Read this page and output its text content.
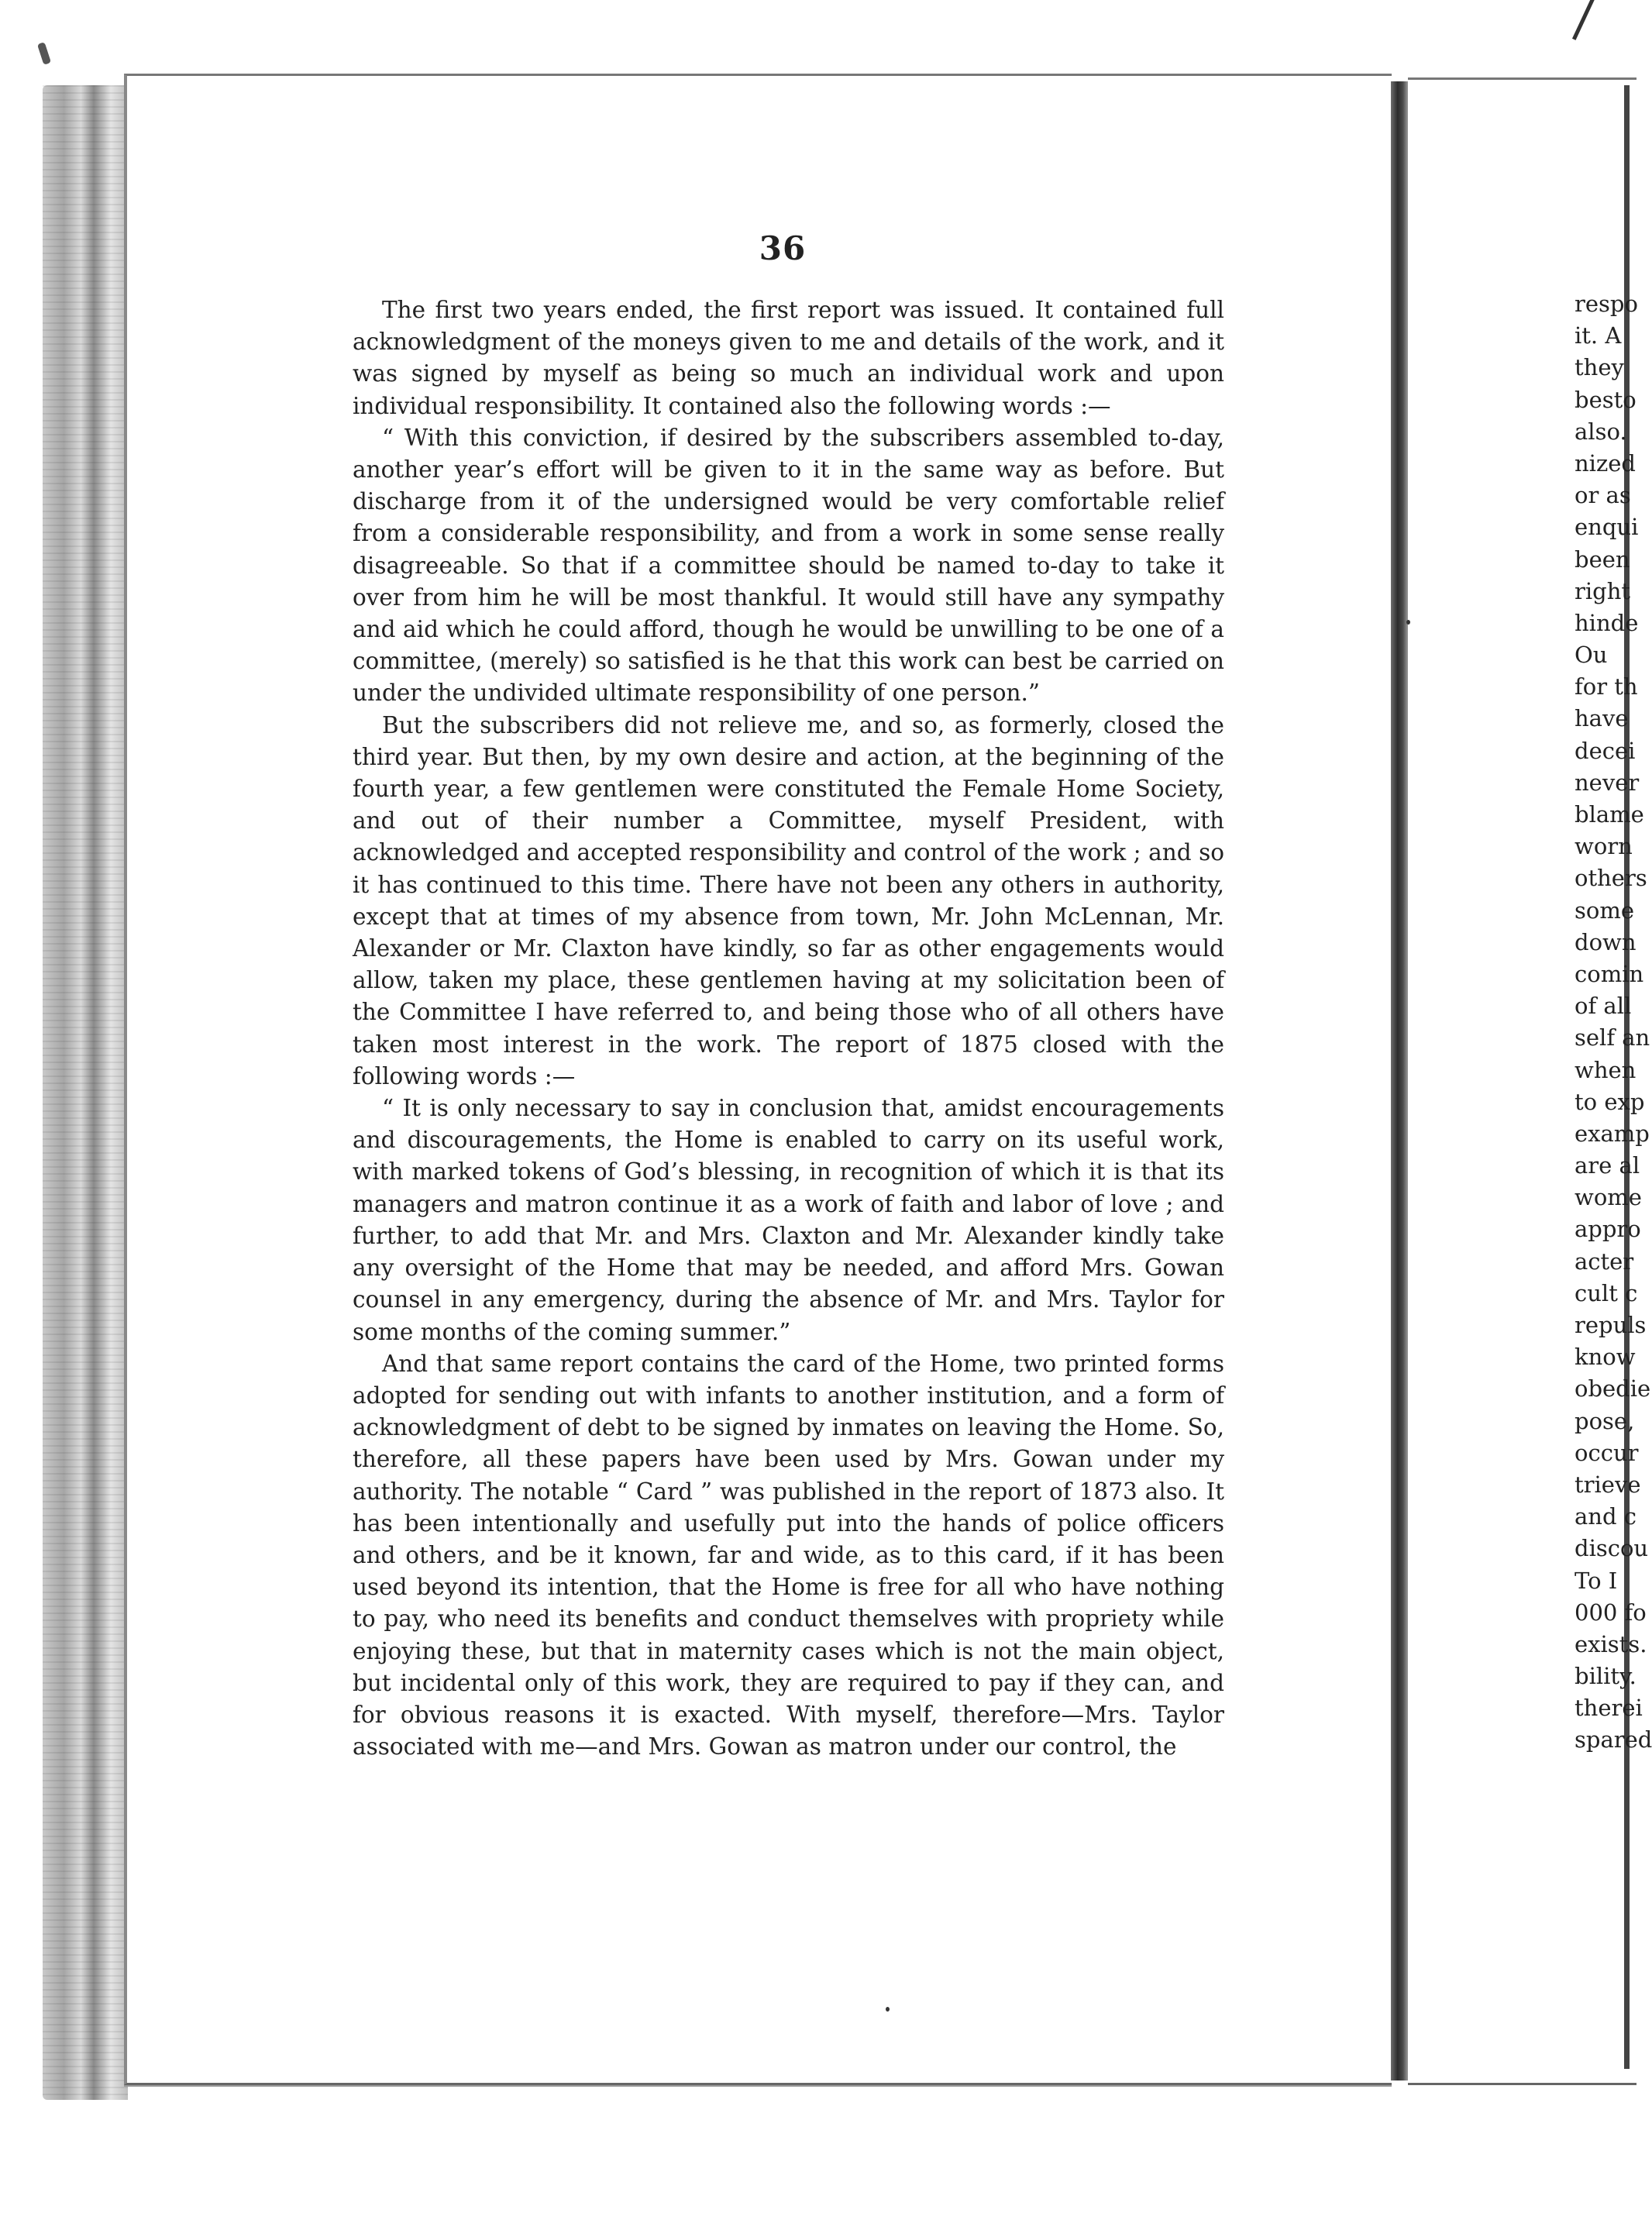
36

The first two years ended, the first report was issued. It contained full acknowledgment of the moneys given to me and details of the work, and it was signed by myself as being so much an individual work and upon individual responsibility. It contained also the following words :—

“ With this conviction, if desired by the subscribers assembled to-day, another year’s effort will be given to it in the same way as before. But discharge from it of the undersigned would be very comfortable relief from a considerable responsibility, and from a work in some sense really disagreeable. So that if a committee should be named to-day to take it over from him he will be most thankful. It would still have any sympathy and aid which he could afford, though he would be unwilling to be one of a committee, (merely) so satisfied is he that this work can best be carried on under the undivided ultimate responsibility of one person.”

But the subscribers did not relieve me, and so, as formerly, closed the third year. But then, by my own desire and action, at the beginning of the fourth year, a few gentlemen were constituted the Female Home Society, and out of their number a Committee, myself President, with acknowledged and accepted responsibility and control of the work ; and so it has continued to this time. There have not been any others in authority, except that at times of my absence from town, Mr. John McLennan, Mr. Alexander or Mr. Claxton have kindly, so far as other engagements would allow, taken my place, these gentlemen having at my solicitation been of the Committee I have referred to, and being those who of all others have taken most interest in the work. The report of 1875 closed with the following words :—

“ It is only necessary to say in conclusion that, amidst encouragements and discouragements, the Home is enabled to carry on its useful work, with marked tokens of God’s blessing, in recognition of which it is that its managers and matron continue it as a work of faith and labor of love ; and further, to add that Mr. and Mrs. Claxton and Mr. Alexander kindly take any oversight of the Home that may be needed, and afford Mrs. Gowan counsel in any emergency, during the absence of Mr. and Mrs. Taylor for some months of the coming summer.”

And that same report contains the card of the Home, two printed forms adopted for sending out with infants to another institution, and a form of acknowledgment of debt to be signed by inmates on leaving the Home. So, therefore, all these papers have been used by Mrs. Gowan under my authority. The notable “ Card ” was published in the report of 1873 also. It has been intentionally and usefully put into the hands of police officers and others, and be it known, far and wide, as to this card, if it has been used beyond its intention, that the Home is free for all who have nothing to pay, who need its benefits and conduct themselves with propriety while enjoying these, but that in maternity cases which is not the main object, but incidental only of this work, they are required to pay if they can, and for obvious reasons it is exacted. With myself, therefore—Mrs. Taylor associated with me—and Mrs. Gowan as matron under our control, the

respo
it. A
they
besto
also.
nized
or as
enqui
been
right
hinde
Ou
for th
have
decei
never
blame
worn
others
some
down
comin
of all
self an
when
to exp
examp
are al
wome
appro
acter
cult c
repuls
know
obedie
pose,
occur
trieve
and c
discou
To I
000 fo
exists.
bility.
therei
spared
